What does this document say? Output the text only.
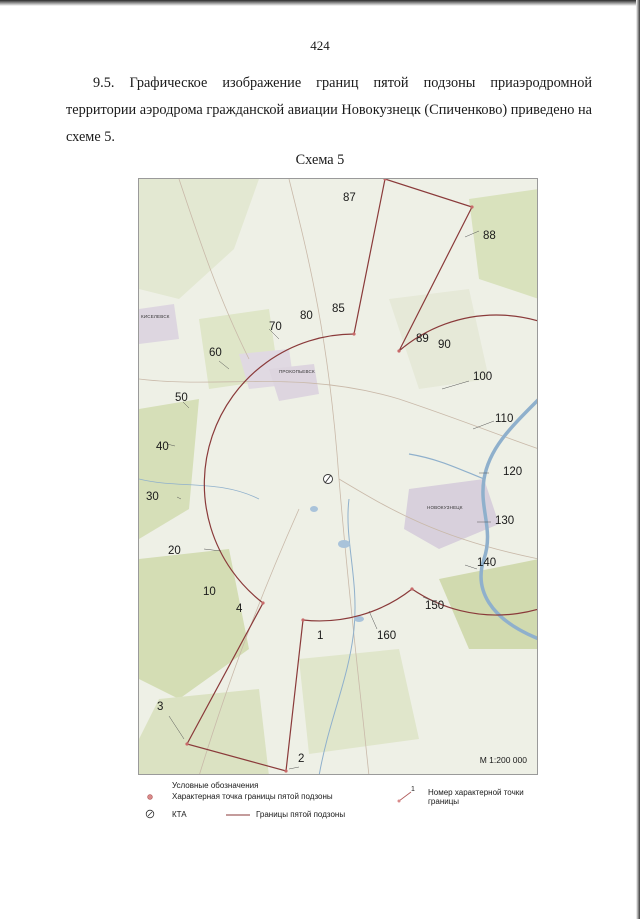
424
9.5. Графическое изображение границ пятой подзоны приаэродромной территории аэродрома гражданской авиации Новокузнецк (Спиченково) приведено на схеме 5.
Схема 5
ПРОКОПЬЕВСК
НОВОКУЗНЕЦК
КИСЕЛЕВСК
87
88
85
80
70
89 90
60
100
50
110
40
120
30
130
20
140
10
150
4
160
1
3
2	М 1:200 000
Условные обозначения
Характерная точка границы пятой подзоны
1 Номер характерной точки границы
КТА	Границы пятой подзоны
